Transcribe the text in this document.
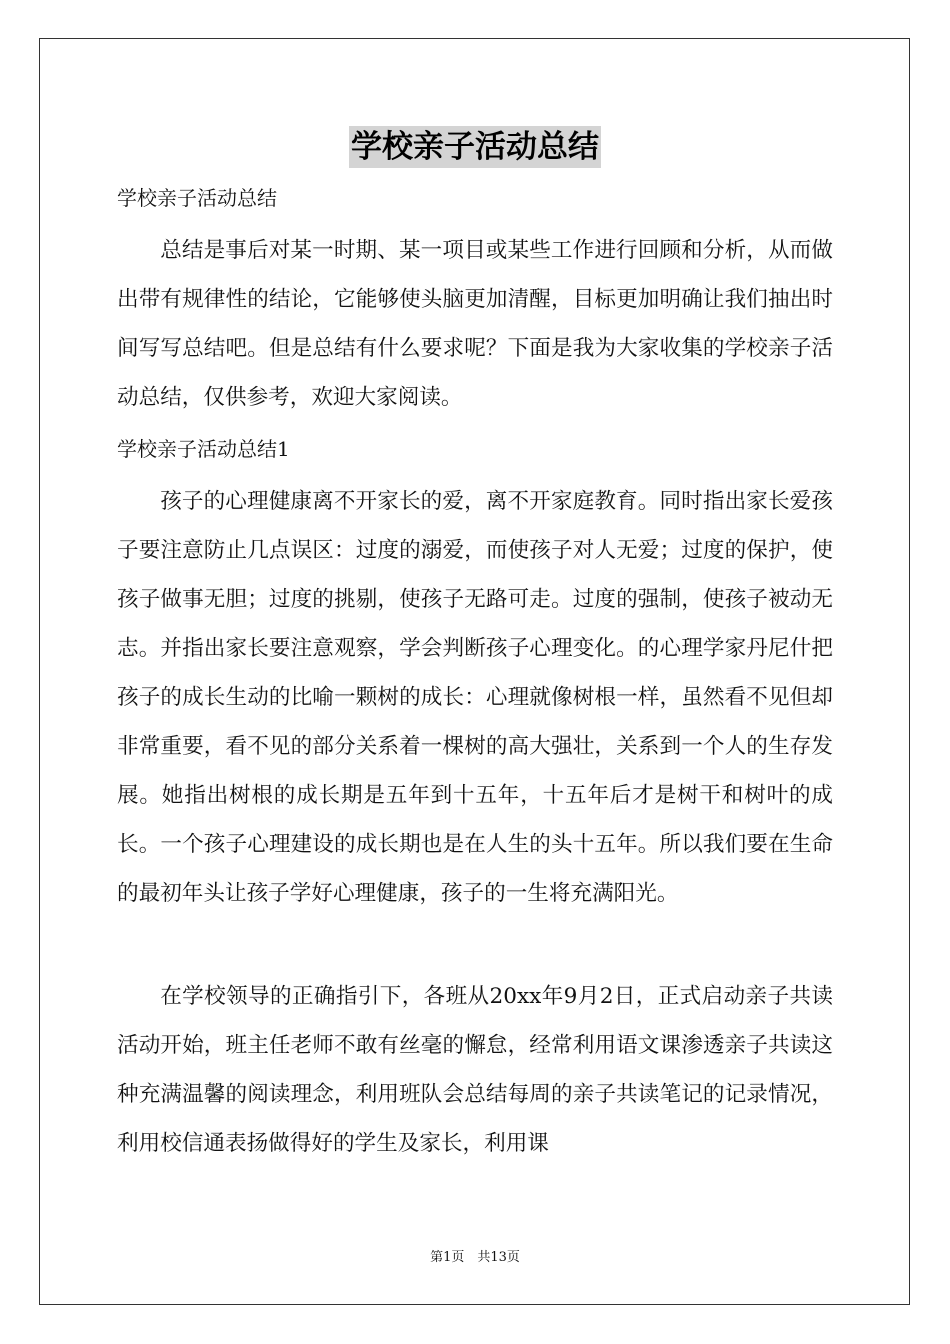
学校亲子活动总结
学校亲子活动总结
总结是事后对某一时期、某一项目或某些工作进行回顾和分析，从而做出带有规律性的结论，它能够使头脑更加清醒，目标更加明确让我们抽出时间写写总结吧。但是总结有什么要求呢？下面是我为大家收集的学校亲子活动总结，仅供参考，欢迎大家阅读。
学校亲子活动总结1
孩子的心理健康离不开家长的爱，离不开家庭教育。同时指出家长爱孩子要注意防止几点误区：过度的溺爱，而使孩子对人无爱；过度的保护，使孩子做事无胆；过度的挑剔，使孩子无路可走。过度的强制，使孩子被动无志。并指出家长要注意观察，学会判断孩子心理变化。的心理学家丹尼什把孩子的成长生动的比喻一颗树的成长：心理就像树根一样，虽然看不见但却非常重要，看不见的部分关系着一棵树的高大强壮，关系到一个人的生存发展。她指出树根的成长期是五年到十五年，十五年后才是树干和树叶的成长。一个孩子心理建设的成长期也是在人生的头十五年。所以我们要在生命的最初年头让孩子学好心理健康，孩子的一生将充满阳光。
在学校领导的正确指引下，各班从20xx年9月2日，正式启动亲子共读活动开始，班主任老师不敢有丝毫的懈怠，经常利用语文课渗透亲子共读这种充满温馨的阅读理念，利用班队会总结每周的亲子共读笔记的记录情况，利用校信通表扬做得好的学生及家长，利用课
第1页　共13页
